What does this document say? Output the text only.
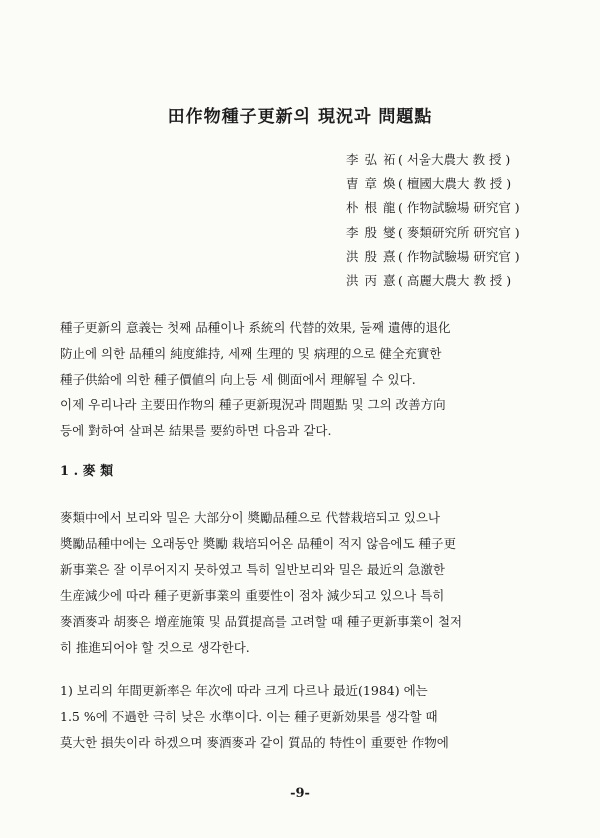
田作物種子更新의 現況과 問題點
李 弘 祏 ( 서울大農大 教 授 )
曺 章 煥 ( 檀國大農大 教 授 )
朴 根 龍 ( 作物試驗場 研究官 )
李 殷 燮 ( 麥類研究所 研究官 )
洪 殷 熹 ( 作物試驗場 研究官 )
洪 丙 憙 ( 高麗大農大 教 授 )
種子更新의 意義는 첫째 品種이나 系統의 代替的效果, 둘째 遺傳的退化
防止에 의한 品種의 純度維持, 세째 生理的 및 病理的으로 健全充實한
種子供給에 의한 種子價値의 向上등 세 側面에서 理解될 수 있다.
이제 우리나라 主要田作物의 種子更新現況과 問題點 및 그의 改善方向
등에 對하여 살펴본 結果를 要約하면 다음과 같다.
1 . 麥 類
麥類中에서 보리와 밀은 大部分이 奬勵品種으로 代替栽培되고 있으나
奬勵品種中에는 오래동안 奬勵 栽培되어온 品種이 적지 않음에도 種子更
新事業은 잘 이루어지지 못하였고 특히 일반보리와 밀은 最近의 急激한
生産減少에 따라 種子更新事業의 重要性이 점차 減少되고 있으나 특히
麥酒麥과 胡麥은 增産施策 및 品質提高를 고려할 때 種子更新事業이 철저
히 推進되어야 할 것으로 생각한다.
1) 보리의 年間更新率은 年次에 따라 크게 다르나 最近(1984) 에는
1.5 %에 不過한 극히 낮은 水準이다. 이는 種子更新効果를 생각할 때
莫大한 損失이라 하겠으며 麥酒麥과 같이 質品的 特性이 重要한 作物에
-9-
